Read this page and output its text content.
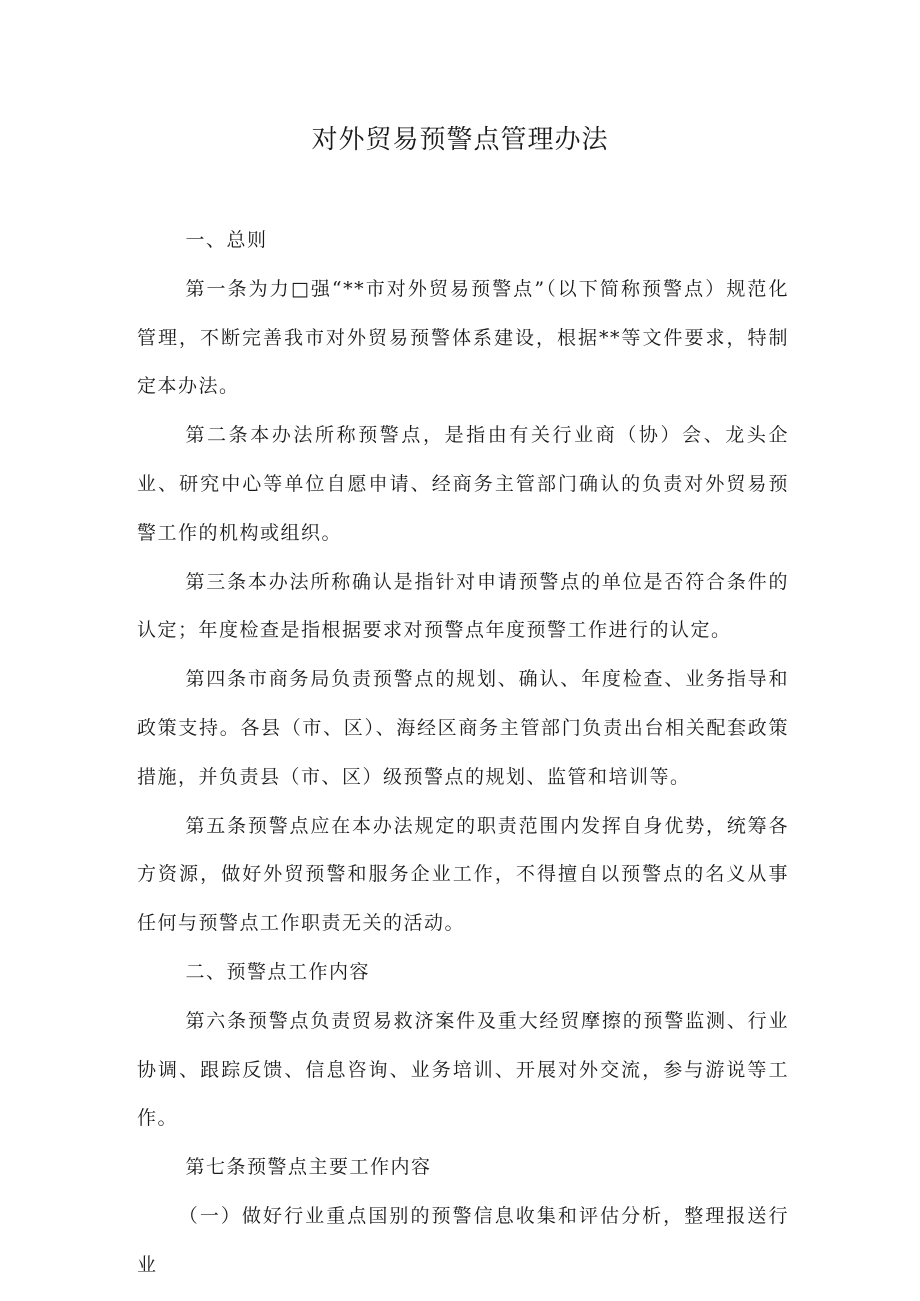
对外贸易预警点管理办法

一、总则

第一条为力□强“**市对外贸易预警点”（以下简称预警点）规范化管理，不断完善我市对外贸易预警体系建设，根据**等文件要求，特制定本办法。

第二条本办法所称预警点，是指由有关行业商（协）会、龙头企业、研究中心等单位自愿申请、经商务主管部门确认的负责对外贸易预警工作的机构或组织。

第三条本办法所称确认是指针对申请预警点的单位是否符合条件的认定；年度检查是指根据要求对预警点年度预警工作进行的认定。

第四条市商务局负责预警点的规划、确认、年度检查、业务指导和政策支持。各县（市、区）、海经区商务主管部门负责出台相关配套政策措施，并负责县（市、区）级预警点的规划、监管和培训等。

第五条预警点应在本办法规定的职责范围内发挥自身优势，统筹各方资源，做好外贸预警和服务企业工作，不得擅自以预警点的名义从事任何与预警点工作职责无关的活动。

二、预警点工作内容

第六条预警点负责贸易救济案件及重大经贸摩擦的预警监测、行业协调、跟踪反馈、信息咨询、业务培训、开展对外交流，参与游说等工作。

第七条预警点主要工作内容

（一）做好行业重点国别的预警信息收集和评估分析，整理报送行业
